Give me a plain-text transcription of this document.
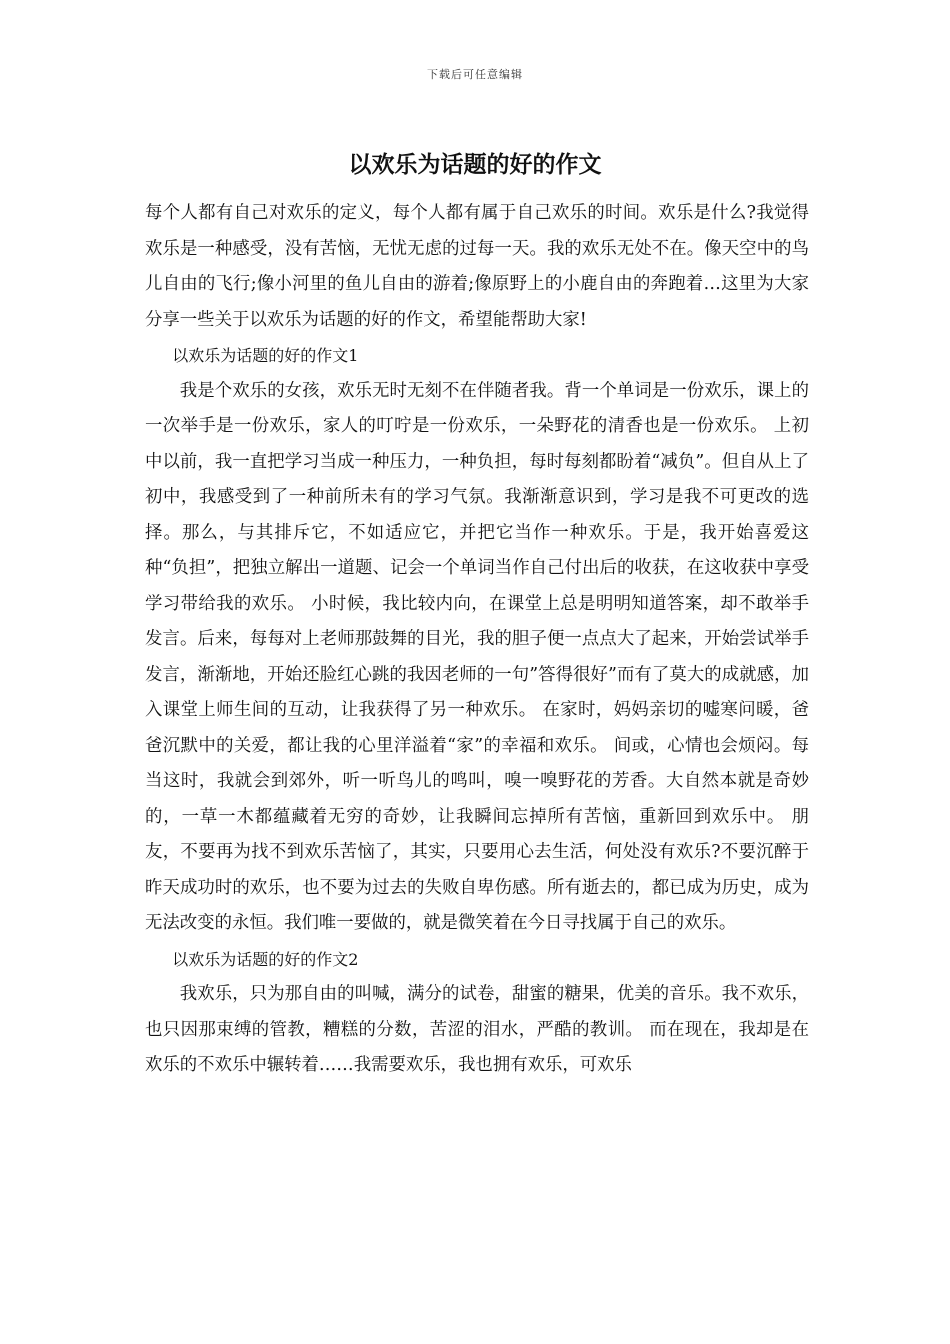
下载后可任意编辑
以欢乐为话题的好的作文

每个人都有自己对欢乐的定义，每个人都有属于自己欢乐的时间。欢乐是什么?我觉得欢乐是一种感受，没有苦恼，无忧无虑的过每一天。我的欢乐无处不在。像天空中的鸟儿自由的飞行;像小河里的鱼儿自由的游着;像原野上的小鹿自由的奔跑着…这里为大家分享一些关于以欢乐为话题的好的作文，希望能帮助大家!

以欢乐为话题的好的作文1

我是个欢乐的女孩，欢乐无时无刻不在伴随者我。背一个单词是一份欢乐，课上的一次举手是一份欢乐，家人的叮咛是一份欢乐，一朵野花的清香也是一份欢乐。 上初中以前，我一直把学习当成一种压力，一种负担，每时每刻都盼着“减负”。但自从上了初中，我感受到了一种前所未有的学习气氛。我渐渐意识到，学习是我不可更改的选择。那么，与其排斥它，不如适应它，并把它当作一种欢乐。于是，我开始喜爱这种“负担”，把独立解出一道题、记会一个单词当作自己付出后的收获，在这收获中享受学习带给我的欢乐。 小时候，我比较内向，在课堂上总是明明知道答案，却不敢举手发言。后来，每每对上老师那鼓舞的目光，我的胆子便一点点大了起来，开始尝试举手发言，渐渐地，开始还脸红心跳的我因老师的一句”答得很好”而有了莫大的成就感，加入课堂上师生间的互动，让我获得了另一种欢乐。 在家时，妈妈亲切的嘘寒问暖，爸爸沉默中的关爱，都让我的心里洋溢着“家”的幸福和欢乐。 间或，心情也会烦闷。每当这时，我就会到郊外，听一听鸟儿的鸣叫，嗅一嗅野花的芳香。大自然本就是奇妙的，一草一木都蕴藏着无穷的奇妙，让我瞬间忘掉所有苦恼，重新回到欢乐中。 朋友，不要再为找不到欢乐苦恼了，其实，只要用心去生活，何处没有欢乐?不要沉醉于昨天成功时的欢乐，也不要为过去的失败自卑伤感。所有逝去的，都已成为历史，成为无法改变的永恒。我们唯一要做的，就是微笑着在今日寻找属于自己的欢乐。

以欢乐为话题的好的作文2

我欢乐，只为那自由的叫喊，满分的试卷，甜蜜的糖果，优美的音乐。我不欢乐，也只因那束缚的管教，糟糕的分数，苦涩的泪水，严酷的教训。 而在现在，我却是在欢乐的不欢乐中辗转着……我需要欢乐，我也拥有欢乐，可欢乐
